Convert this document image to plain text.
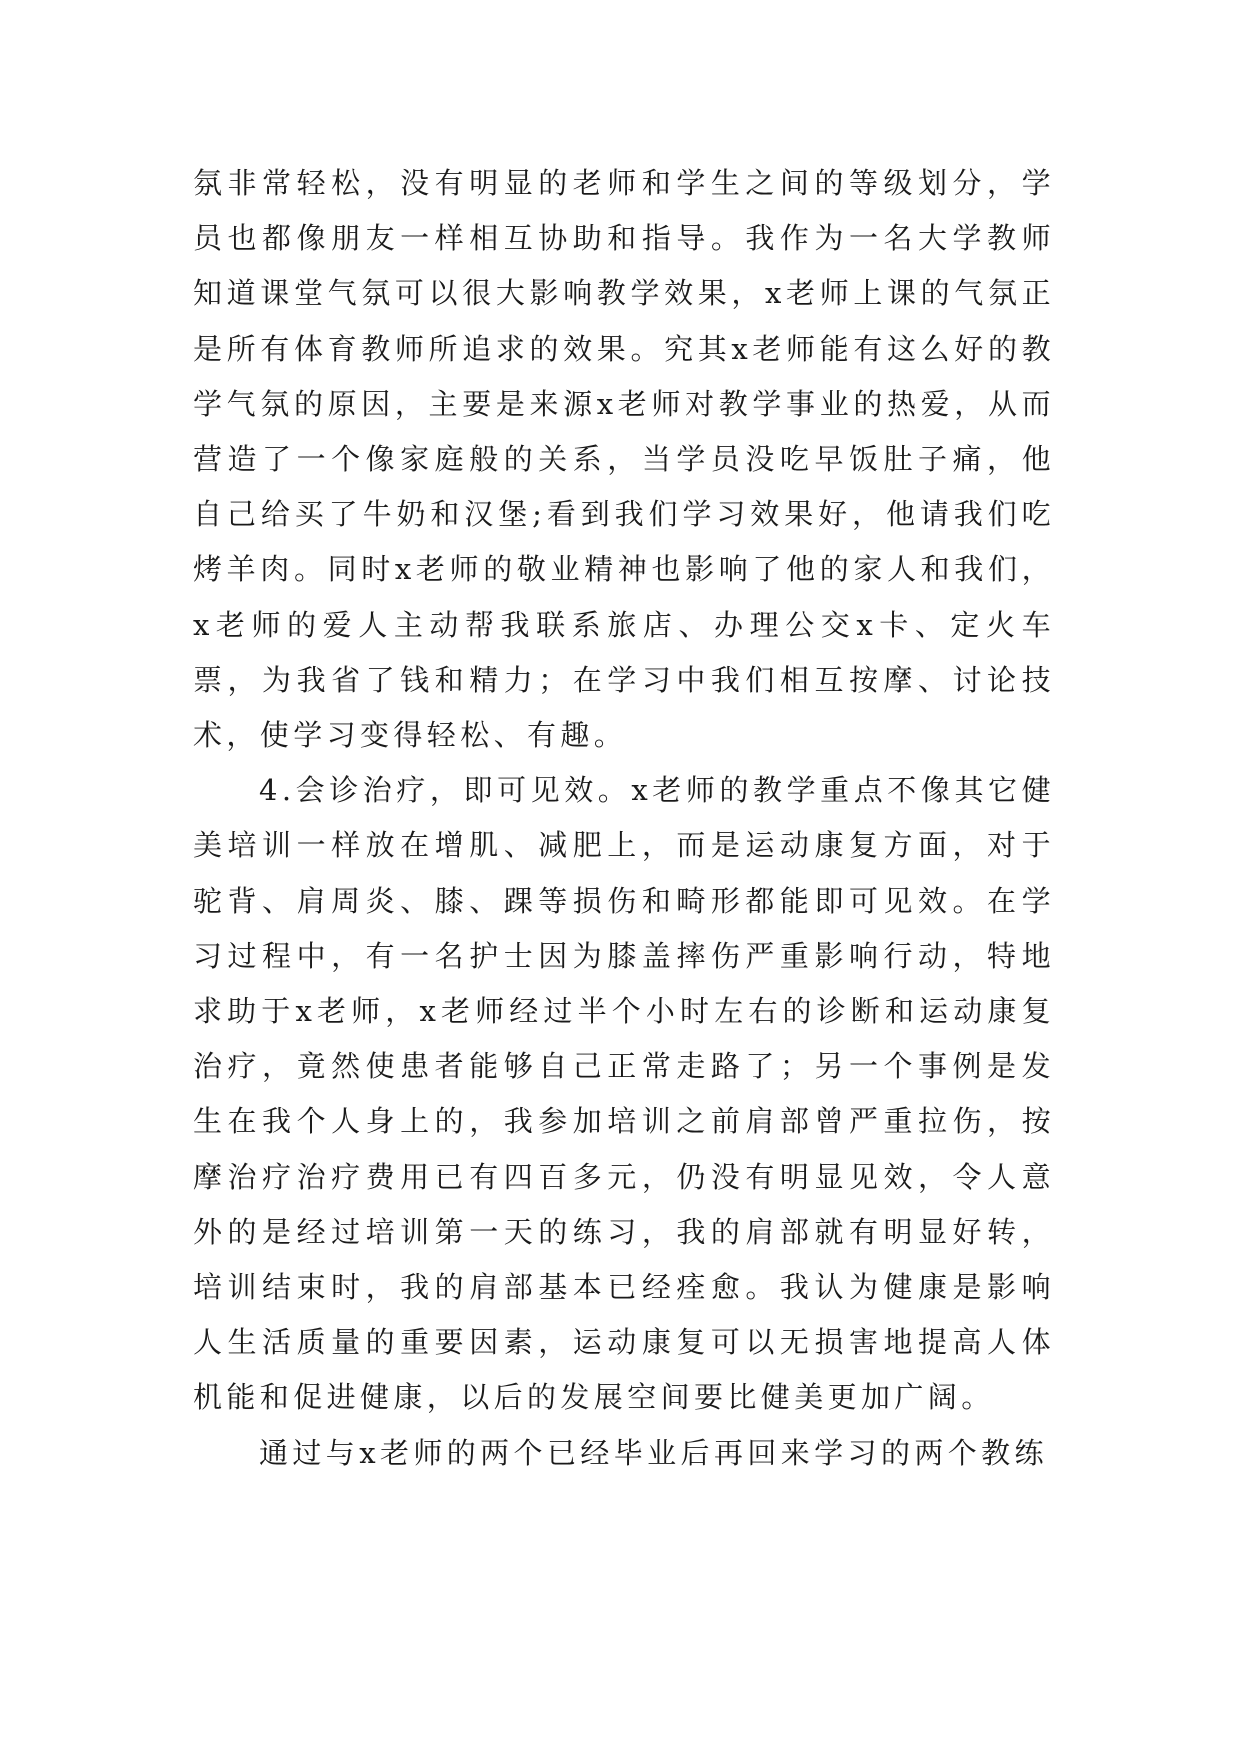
氛非常轻松，没有明显的老师和学生之间的等级划分，学员也都像朋友一样相互协助和指导。我作为一名大学教师知道课堂气氛可以很大影响教学效果，x老师上课的气氛正是所有体育教师所追求的效果。究其x老师能有这么好的教学气氛的原因，主要是来源x老师对教学事业的热爱，从而营造了一个像家庭般的关系，当学员没吃早饭肚子痛，他自己给买了牛奶和汉堡;看到我们学习效果好，他请我们吃烤羊肉。同时x老师的敬业精神也影响了他的家人和我们，x老师的爱人主动帮我联系旅店、办理公交x卡、定火车票，为我省了钱和精力；在学习中我们相互按摩、讨论技术，使学习变得轻松、有趣。

4.会诊治疗，即可见效。x老师的教学重点不像其它健美培训一样放在增肌、减肥上，而是运动康复方面，对于驼背、肩周炎、膝、踝等损伤和畸形都能即可见效。在学习过程中，有一名护士因为膝盖摔伤严重影响行动，特地求助于x老师，x老师经过半个小时左右的诊断和运动康复治疗，竟然使患者能够自己正常走路了；另一个事例是发生在我个人身上的，我参加培训之前肩部曾严重拉伤，按摩治疗治疗费用已有四百多元，仍没有明显见效，令人意外的是经过培训第一天的练习，我的肩部就有明显好转，培训结束时，我的肩部基本已经痊愈。我认为健康是影响人生活质量的重要因素，运动康复可以无损害地提高人体机能和促进健康，以后的发展空间要比健美更加广阔。

通过与x老师的两个已经毕业后再回来学习的两个教练
